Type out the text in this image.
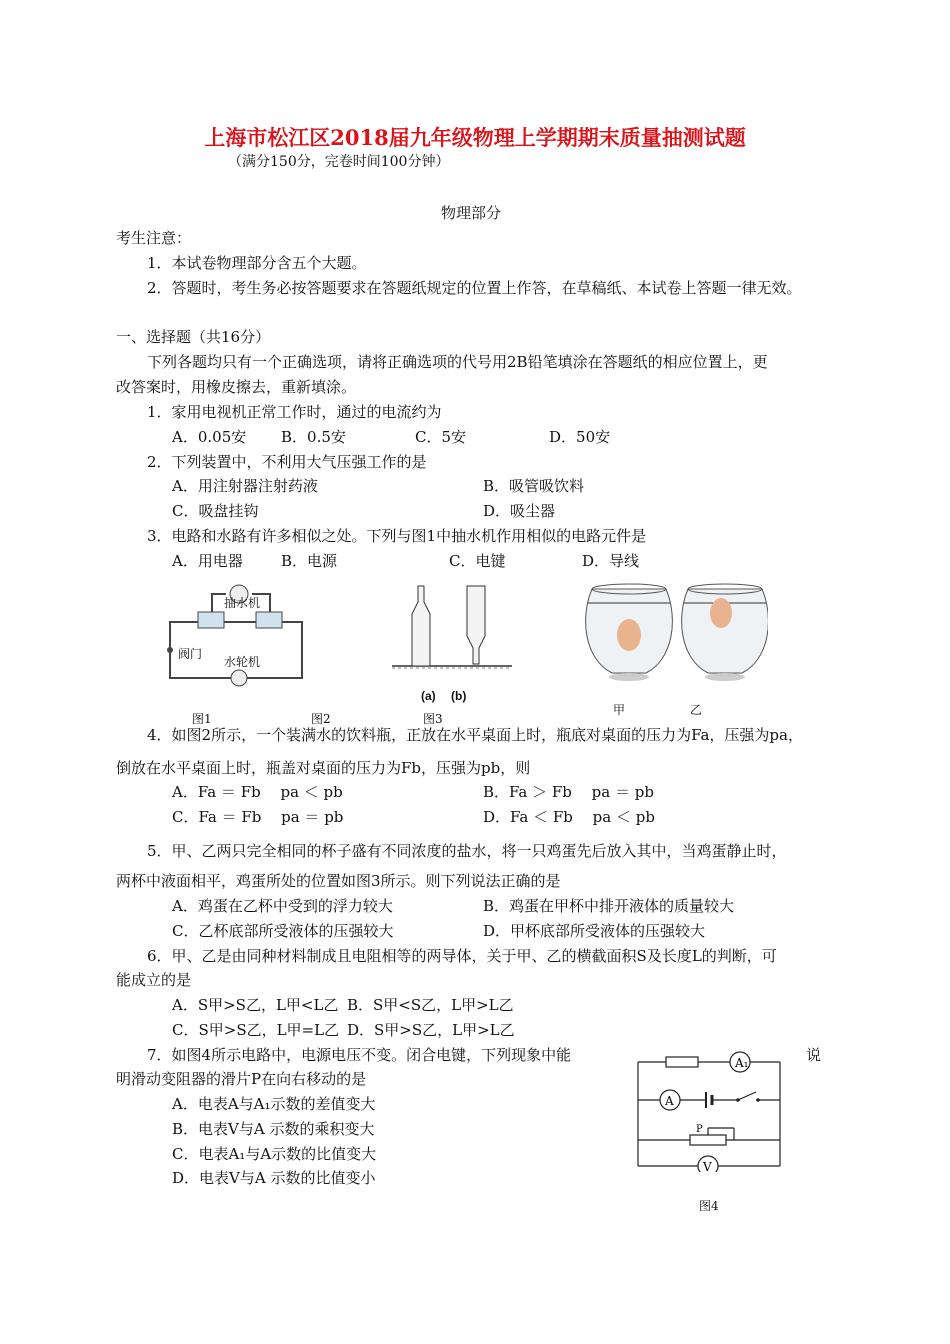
上海市松江区2018届九年级物理上学期期末质量抽测试题
（满分150分，完卷时间100分钟）
物理部分
考生注意：
1．本试卷物理部分含五个大题。
2．答题时，考生务必按答题要求在答题纸规定的位置上作答，在草稿纸、本试卷上答题一律无效。
一、选择题（共16分）
下列各题均只有一个正确选项，请将正确选项的代号用2B铅笔填涂在答题纸的相应位置上，更
改答案时，用橡皮擦去，重新填涂。
1．家用电视机正常工作时，通过的电流约为
A．0.05安 B．0.5安	C．5安	D．50安
2．下列装置中，不利用大气压强工作的是
A．用注射器注射药液	B．吸管吸饮料
C．吸盘挂钩	D．吸尘器
3．电路和水路有许多相似之处。下列与图1中抽水机作用相似的电路元件是
A．用电器	B．电源	C．电键	D．导线
抽水机
阀门
水轮机
(a)　 (b)
甲	乙
图1	图2	图3
4．如图2所示，一个装满水的饮料瓶，正放在水平桌面上时，瓶底对桌面的压力为Fa，压强为pa，
倒放在水平桌面上时，瓶盖对桌面的压力为Fb，压强为pb，则
A．Fa ＝ Fb　 pa ＜ pb	B．Fa ＞ Fb　 pa ＝ pb
C．Fa ＝ Fb　 pa ＝ pb	D．Fa ＜ Fb　 pa ＜ pb
5．甲、乙两只完全相同的杯子盛有不同浓度的盐水，将一只鸡蛋先后放入其中，当鸡蛋静止时，
两杯中液面相平，鸡蛋所处的位置如图3所示。则下列说法正确的是
A．鸡蛋在乙杯中受到的浮力较大	B．鸡蛋在甲杯中排开液体的质量较大
C．乙杯底部所受液体的压强较大	D．甲杯底部所受液体的压强较大
6．甲、乙是由同种材料制成且电阻相等的两导体，关于甲、乙的横截面积S及长度L的判断，可
能成立的是
A．S甲>S乙，L甲<L乙 B．S甲<S乙，L甲>L乙
C．S甲>S乙，L甲=L乙 D．S甲>S乙，L甲>L乙
7．如图4所示电路中，电源电压不变。闭合电键，下列现象中能	说
明滑动变阻器的滑片P在向右移动的是
A．电表A与A₁示数的差值变大
B．电表V与A 示数的乘积变大
C．电表A₁与A示数的比值变大
D．电表V与A 示数的比值变小
A₁
A
V
P
图4
